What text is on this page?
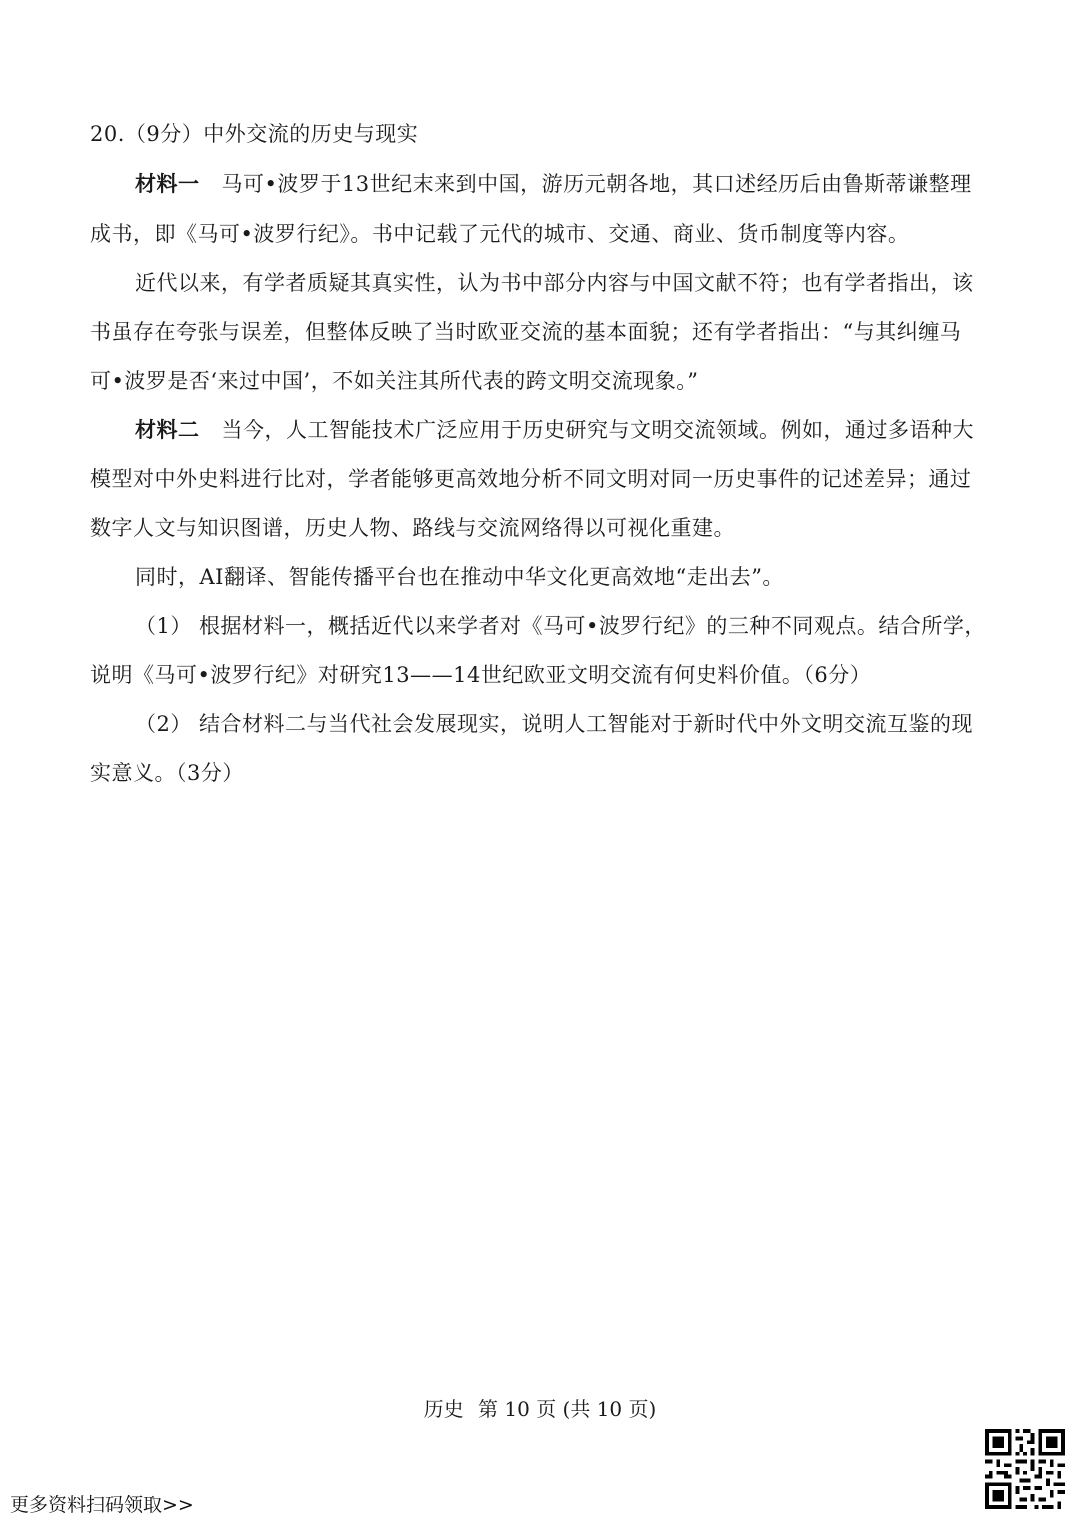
20.（9分）中外交流的历史与现实
材料一 马可•波罗于13世纪末来到中国，游历元朝各地，其口述经历后由鲁斯蒂谦整理
成书，即《马可•波罗行纪》。书中记载了元代的城市、交通、商业、货币制度等内容。
近代以来，有学者质疑其真实性，认为书中部分内容与中国文献不符；也有学者指出，该
书虽存在夸张与误差，但整体反映了当时欧亚交流的基本面貌；还有学者指出：“与其纠缠马
可•波罗是否‘来过中国’，不如关注其所代表的跨文明交流现象。”
材料二 当今，人工智能技术广泛应用于历史研究与文明交流领域。例如，通过多语种大
模型对中外史料进行比对，学者能够更高效地分析不同文明对同一历史事件的记述差异；通过
数字人文与知识图谱，历史人物、路线与交流网络得以可视化重建。
同时，AI翻译、智能传播平台也在推动中华文化更高效地“走出去”。
（1） 根据材料一，概括近代以来学者对《马可•波罗行纪》的三种不同观点。结合所学，
说明《马可•波罗行纪》对研究13——14世纪欧亚文明交流有何史料价值。（6分）
（2） 结合材料二与当代社会发展现实，说明人工智能对于新时代中外文明交流互鉴的现
实意义。（3分）
历史 第 10 页 (共 10 页)
更多资料扫码领取>>
